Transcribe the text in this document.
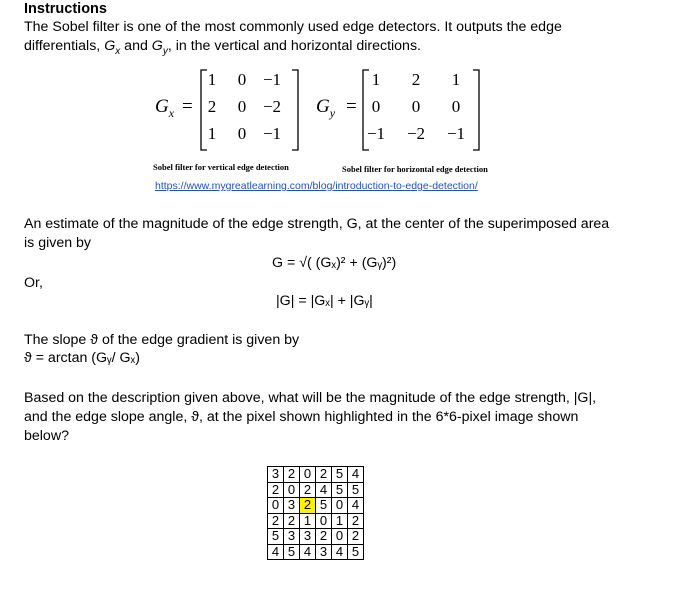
Instructions
The Sobel filter is one of the most commonly used edge detectors. It outputs the edge
differentials, $G_x$ and $G_y$, in the vertical and horizontal directions.
$G_x$ =
1	0 −1
2	0 −2
1	0 −1
$G_y$ =
1	2	1
0	0	0
−1 −2 −1
Sobel filter for vertical edge detection	Sobel filter for horizontal edge detection
https://www.mygreatlearning.com/blog/introduction-to-edge-detection/
An estimate of the magnitude of the edge strength, G, at the center of the superimposed area
is given by
G = √( (Gₓ)² + (Gᵧ)²)
Or,
|G| = |Gₓ| + |Gᵧ|
The slope ϑ of the edge gradient is given by
ϑ = arctan (Gᵧ/ Gₓ)
Based on the description given above, what will be the magnitude of the edge strength, |G|,
and the edge slope angle, ϑ, at the pixel shown highlighted in the 6*6-pixel image shown
below?
3	2	0	2	5	4
2	0	2	4	5	5
0	3	2	5	0	4
2	2	1	0	1	2
5	3	3	2	0	2
4	5	4	3	4	5
